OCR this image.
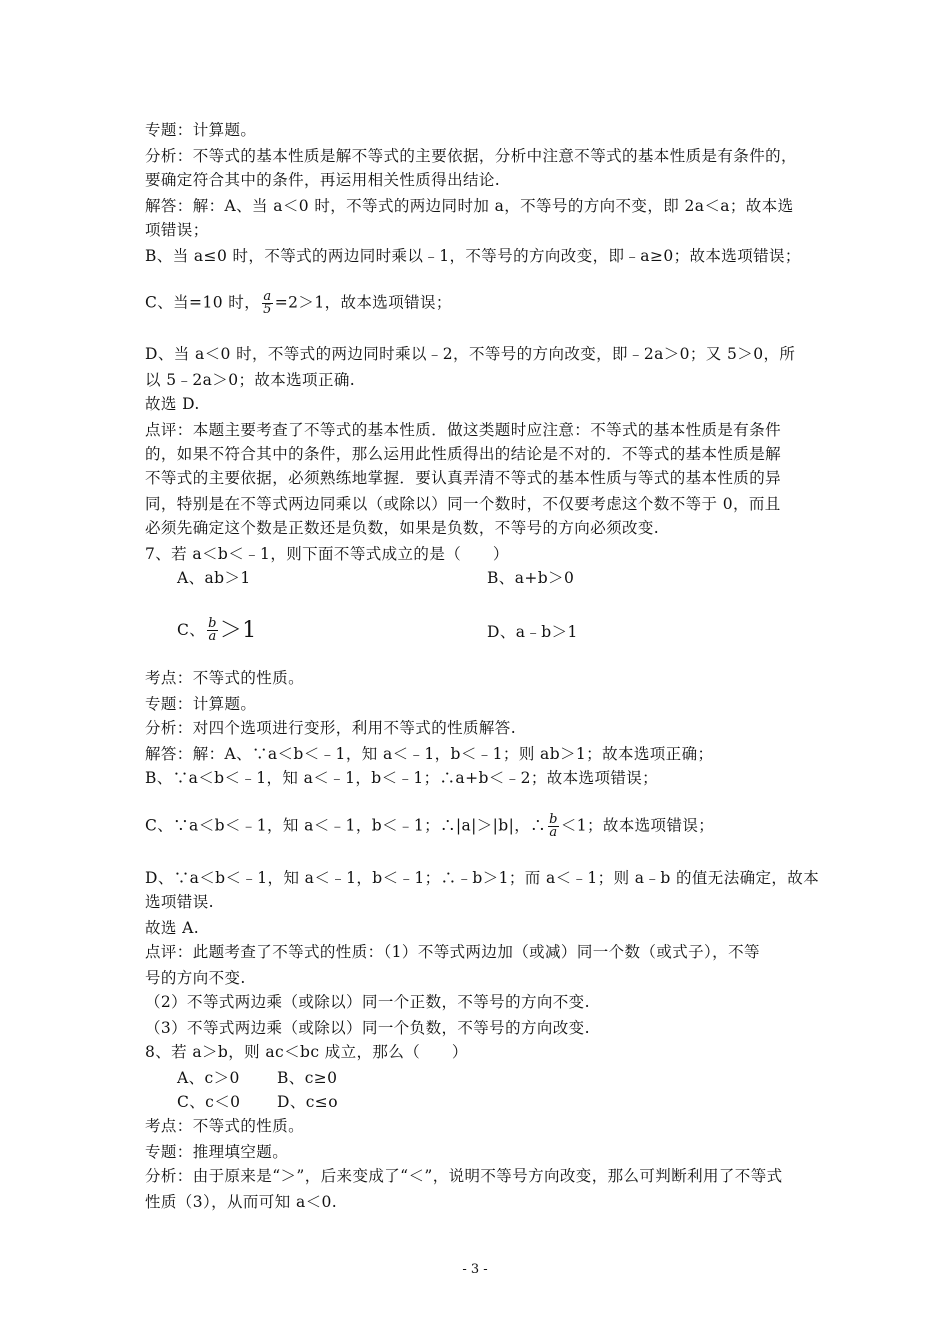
专题：计算题。
分析：不等式的基本性质是解不等式的主要依据，分析中注意不等式的基本性质是有条件的，
要确定符合其中的条件，再运用相关性质得出结论.
解答：解：A、当 a＜0 时，不等式的两边同时加 a，不等号的方向不变，即 2a＜a；故本选
项错误；
B、当 a≤0 时，不等式的两边同时乘以﹣1，不等号的方向改变，即﹣a≥0；故本选项错误；
C、当=10 时， $\frac{a}{5} =2>1$，故本选项错误；
D、当 a＜0 时，不等式的两边同时乘以﹣2，不等号的方向改变，即﹣2a＞0；又 5＞0，所
以 5﹣2a＞0；故本选项正确.
故选 D.
点评：本题主要考查了不等式的基本性质．做这类题时应注意：不等式的基本性质是有条件
的，如果不符合其中的条件，那么运用此性质得出的结论是不对的．不等式的基本性质是解
不等式的主要依据，必须熟练地掌握．要认真弄清不等式的基本性质与等式的基本性质的异
同，特别是在不等式两边同乘以（或除以）同一个数时，不仅要考虑这个数不等于 0，而且
必须先确定这个数是正数还是负数，如果是负数，不等号的方向必须改变.
7、若 a＜b＜﹣1，则下面不等式成立的是（　　）
A、ab＞1	B、a+b＞0
C、 $\frac{b}{a} >1$	D、a﹣b＞1
考点：不等式的性质。
专题：计算题。
分析：对四个选项进行变形，利用不等式的性质解答.
解答：解：A、∵a＜b＜﹣1，知 a＜﹣1，b＜﹣1；则 ab＞1；故本选项正确；
B、∵a＜b＜﹣1，知 a＜﹣1，b＜﹣1；∴a+b＜﹣2；故本选项错误；
C、∵a＜b＜﹣1，知 a＜﹣1，b＜﹣1；∴|a|＞|b|，∴ $\frac{b}{a} <1$；故本选项错误；
D、∵a＜b＜﹣1，知 a＜﹣1，b＜﹣1；∴﹣b＞1；而 a＜﹣1；则 a﹣b 的值无法确定，故本
选项错误.
故选 A.
点评：此题考查了不等式的性质：（1）不等式两边加（或减）同一个数（或式子），不等
号的方向不变.
（2）不等式两边乘（或除以）同一个正数，不等号的方向不变.
（3）不等式两边乘（或除以）同一个负数，不等号的方向改变.
8、若 a＞b，则 ac＜bc 成立，那么（　　）
A、c＞0 B、c≥0
C、c＜0 D、c≤o
考点：不等式的性质。
专题：推理填空题。
分析：由于原来是“＞”，后来变成了“＜”，说明不等号方向改变，那么可判断利用了不等式
性质（3），从而可知 a＜0.
- 3 -
